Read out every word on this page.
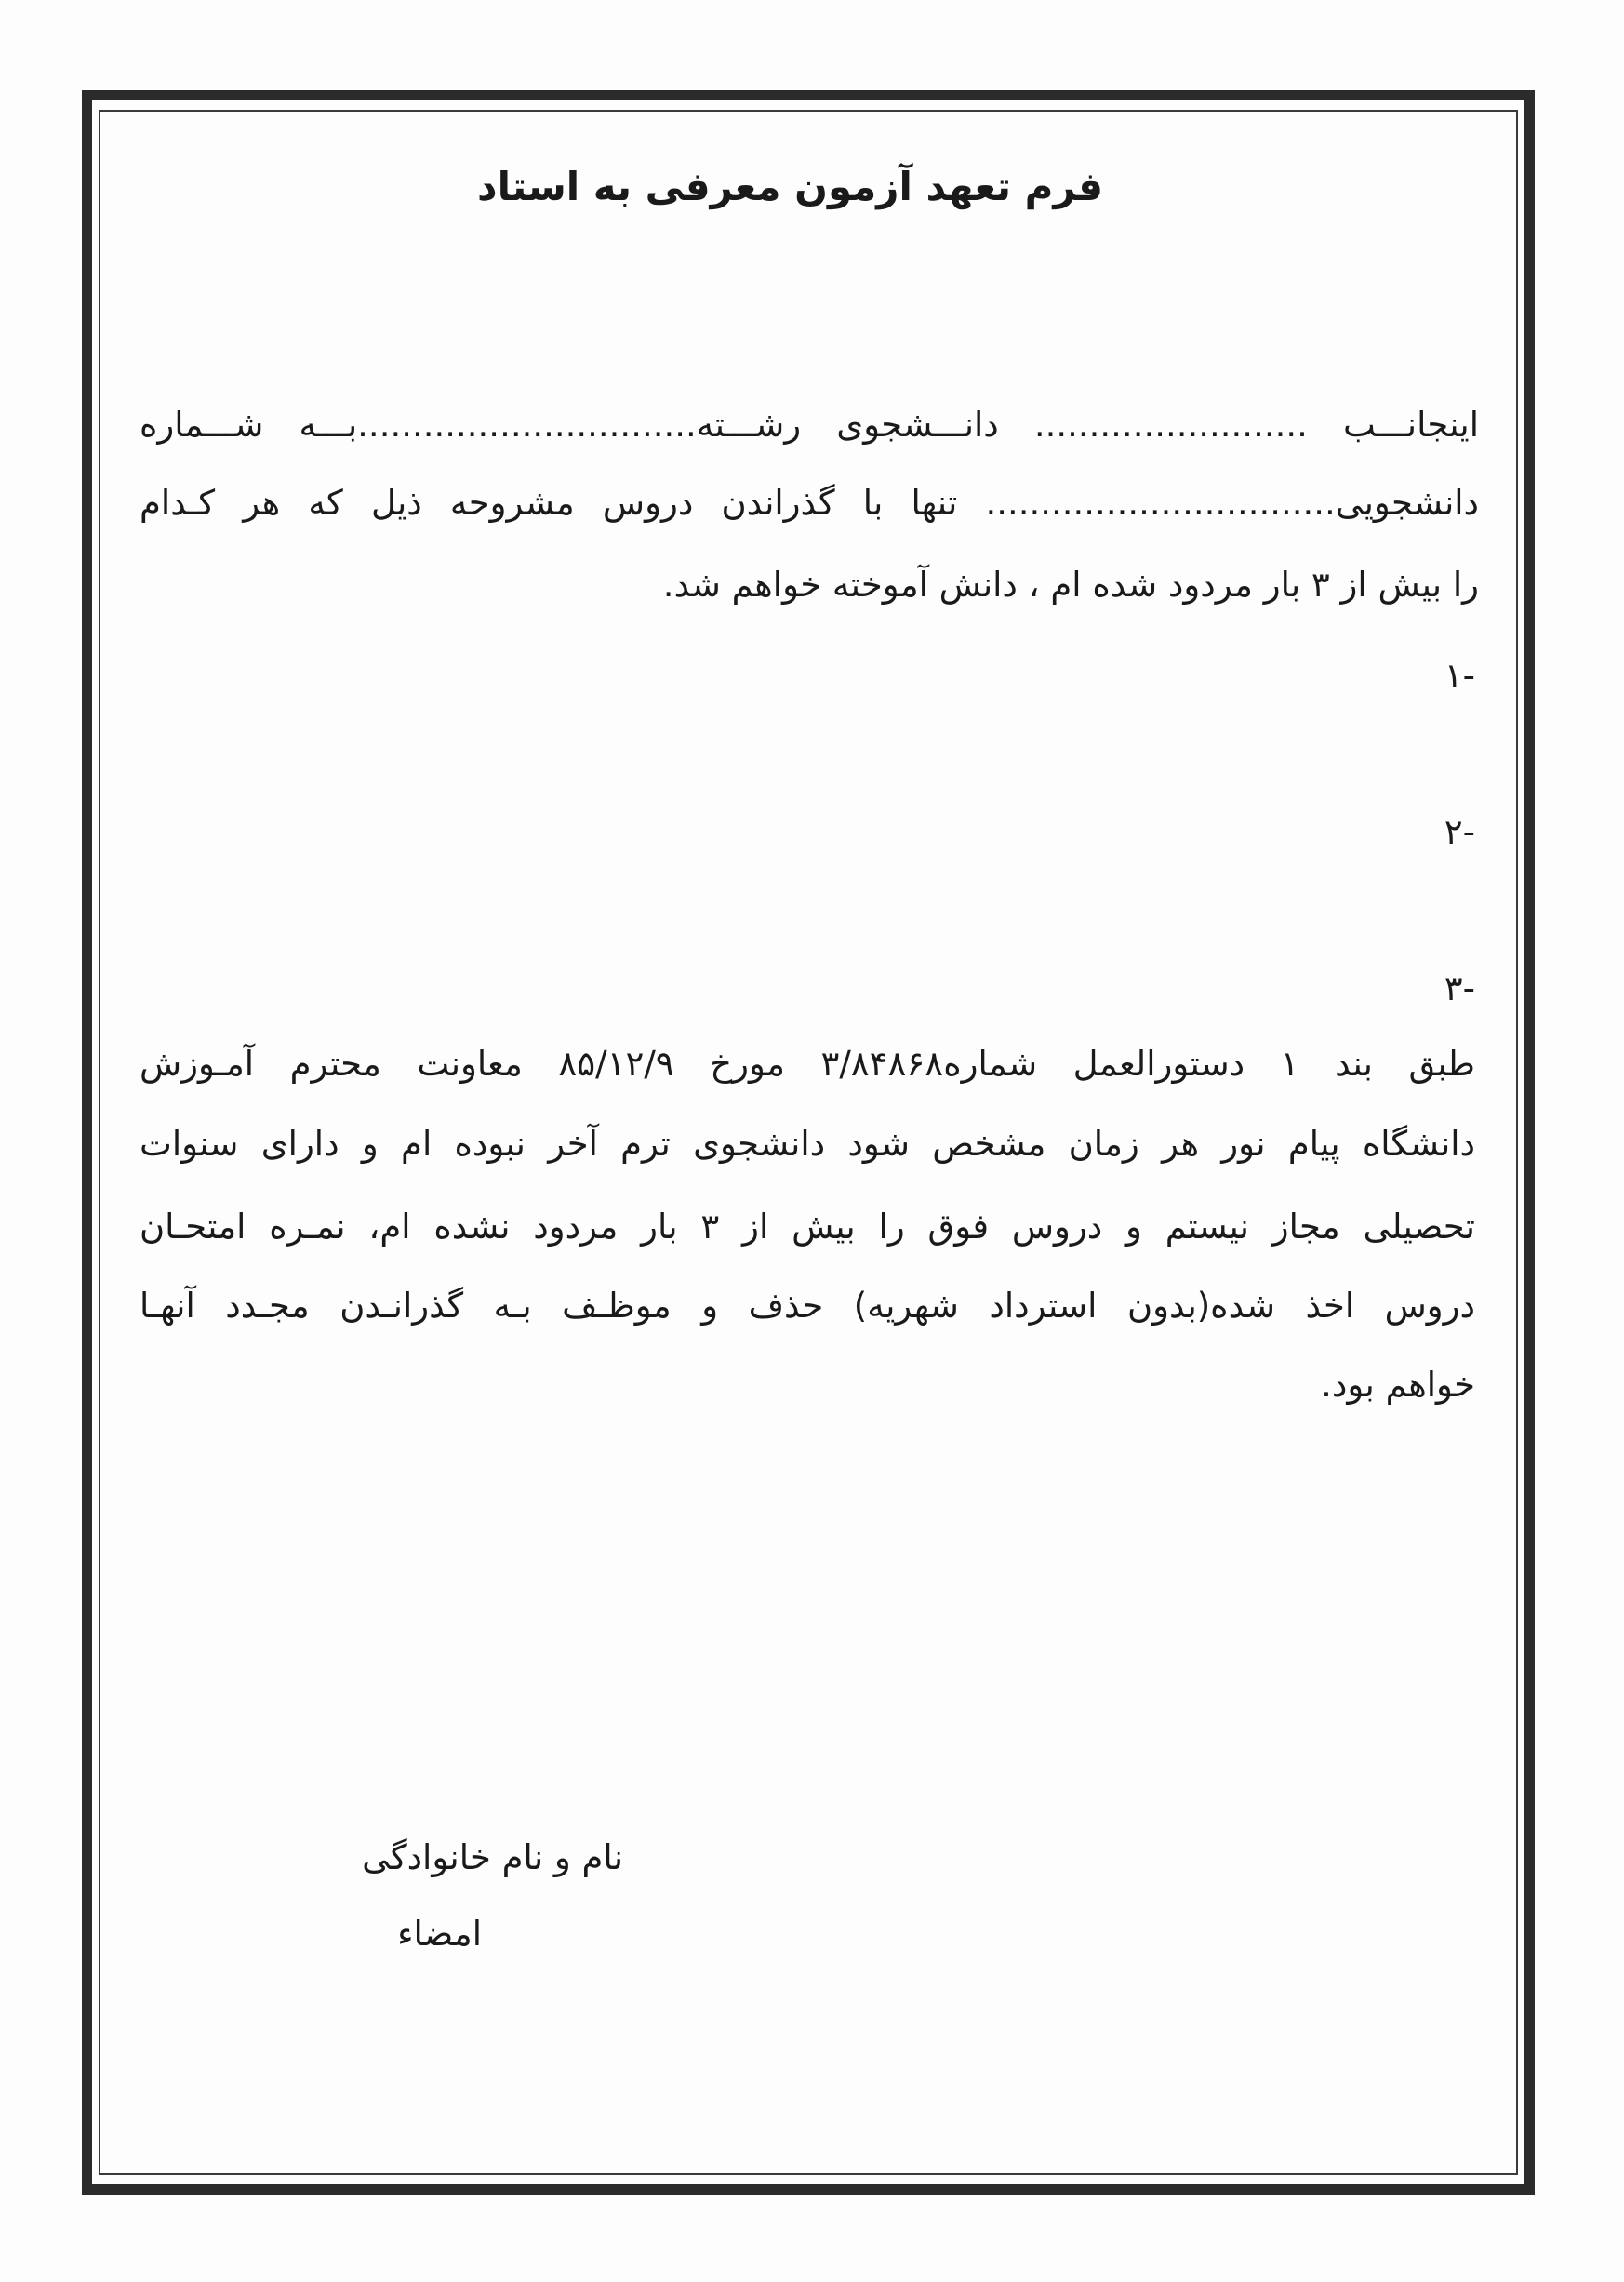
فرم تعهد آزمون معرفی به استاد
اینجانـــب ......................... دانـــشجوی رشـــته...............................بـــه شـــماره
دانشجویی................................ تنها با گذراندن دروس مشروحه ذیل که هر کـدام
را بیش از ۳ بار مردود شده ام ، دانش آموخته خواهم شد.
-۱
-۲
-۳
طبق بند ۱ دستورالعمل شماره۳/۸۴۸۶۸ مورخ ۸۵/۱۲/۹ معاونت محترم آمـوزش
دانشگاه پیام نور هر زمان مشخص شود دانشجوی ترم آخر نبوده ام و دارای سنوات
تحصیلی مجاز نیستم و دروس فوق را بیش از ۳ بار مردود نشده ام، نمـره امتحـان
دروس اخذ شده(بدون استرداد شهریه) حذف و موظـف بـه گذرانـدن مجـدد آنهـا
خواهم بود.
نام و نام خانوادگی
امضاء
